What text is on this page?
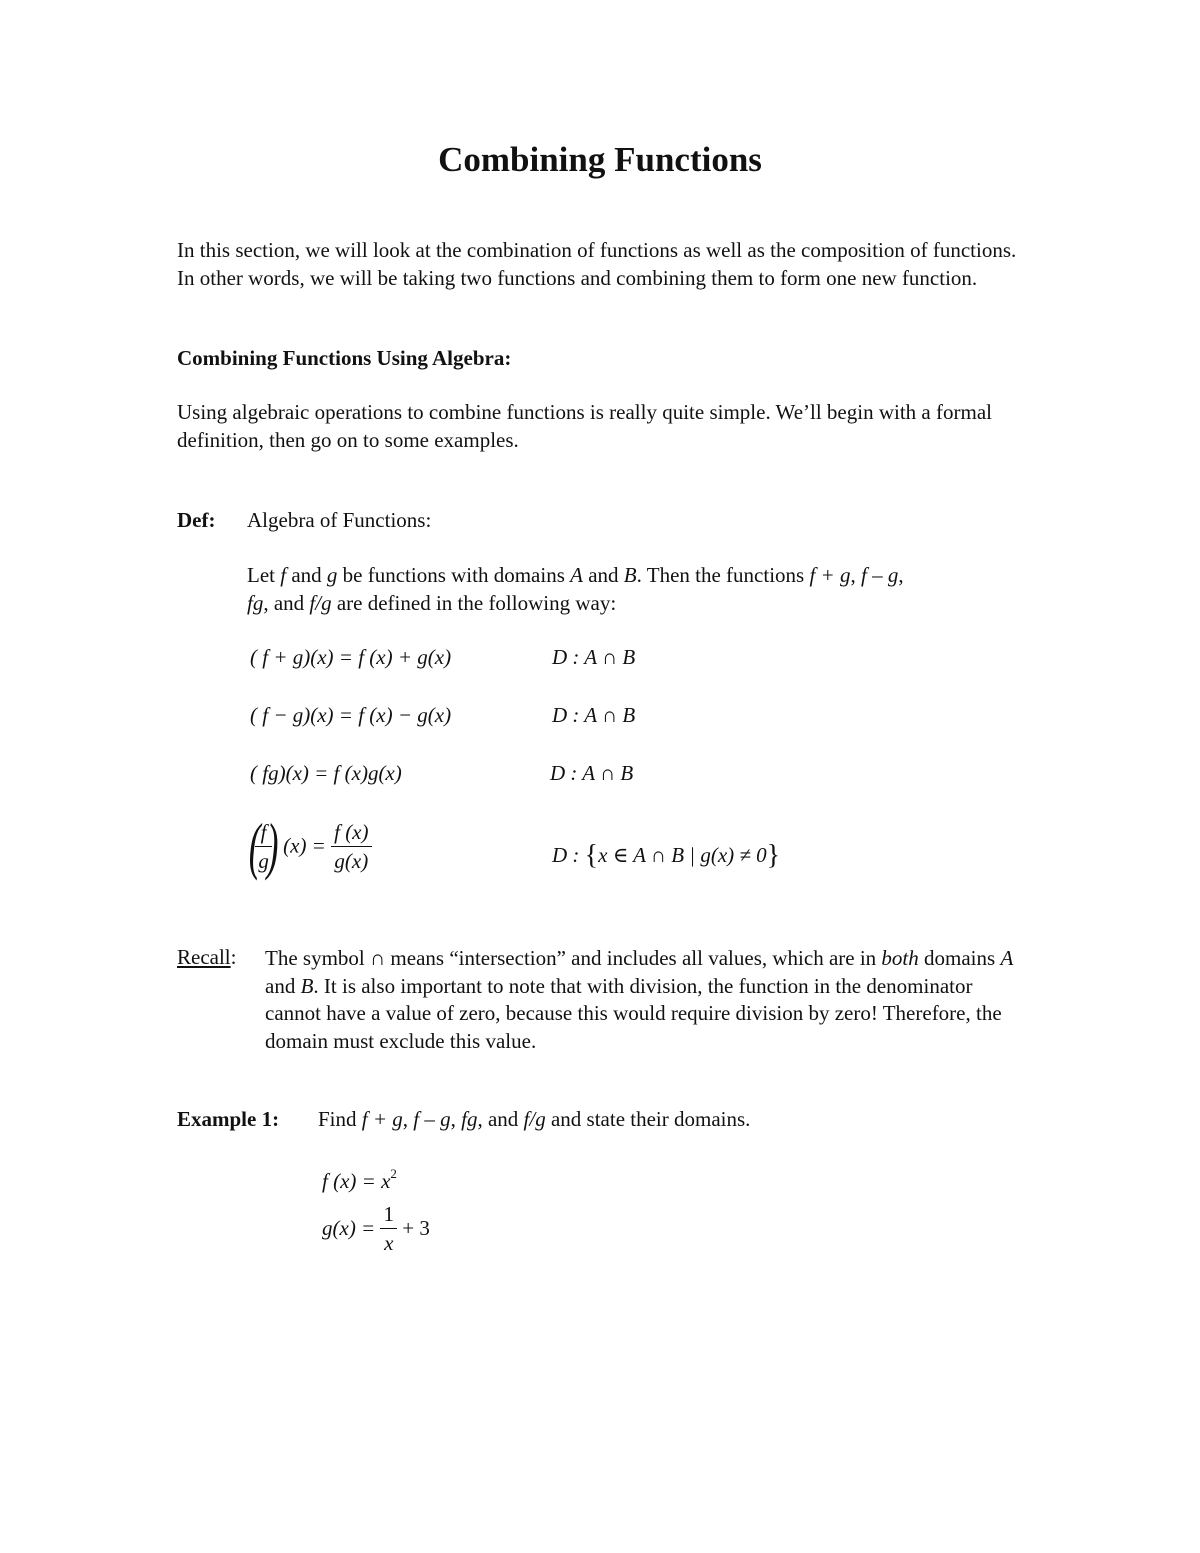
Combining Functions

In this section, we will look at the combination of functions as well as the composition of functions. In other words, we will be taking two functions and combining them to form one new function.

Combining Functions Using Algebra:

Using algebraic operations to combine functions is really quite simple. We’ll begin with a formal definition, then go on to some examples.

Def: Algebra of Functions:

Let f and g be functions with domains A and B. Then the functions f + g, f – g,
fg, and f/g are defined in the following way:

( f + g)(x) = f (x) + g(x)	D : A ∩ B
( f − g)(x) = f (x) − g(x)	D : A ∩ B
( fg)(x) = f (x)g(x)	D : A ∩ B
(
$\frac{f}{g}$
) $(x) = \frac{f (x)}{g(x)}$	D : {x ∈ A ∩ B | g(x) ≠ 0}
Recall: The symbol ∩ means “intersection” and includes all values, which are in both domains A and B. It is also important to note that with division, the function in the denominator cannot have a value of zero, because this would require division by zero! Therefore, the domain must exclude this value.

Example 1: Find f + g, f – g, fg, and f/g and state their domains.
f $(x) = x^2$
$g(x) = \frac{1}{x} + 3$
